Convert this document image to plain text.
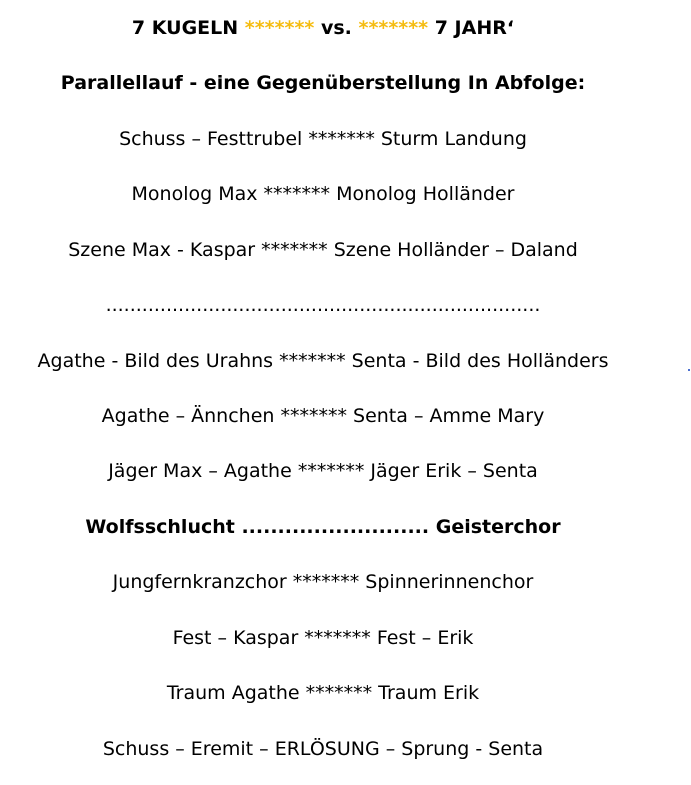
7 KUGELN ******* vs. ******* 7 JAHR‘
Parallellauf - eine Gegenüberstellung In Abfolge:
Schuss – Festtrubel ******* Sturm Landung
Monolog Max ******* Monolog Holländer
Szene Max - Kaspar ******* Szene Holländer – Daland
........................................................................
Agathe - Bild des Urahns ******* Senta - Bild des Holländers
Agathe – Ännchen ******* Senta – Amme Mary
Jäger Max – Agathe ******* Jäger Erik – Senta
Wolfsschlucht .......................... Geisterchor
Jungfernkranzchor ******* Spinnerinnenchor
Fest – Kaspar ******* Fest – Erik
Traum Agathe ******* Traum Erik
Schuss – Eremit – ERLÖSUNG – Sprung - Senta
